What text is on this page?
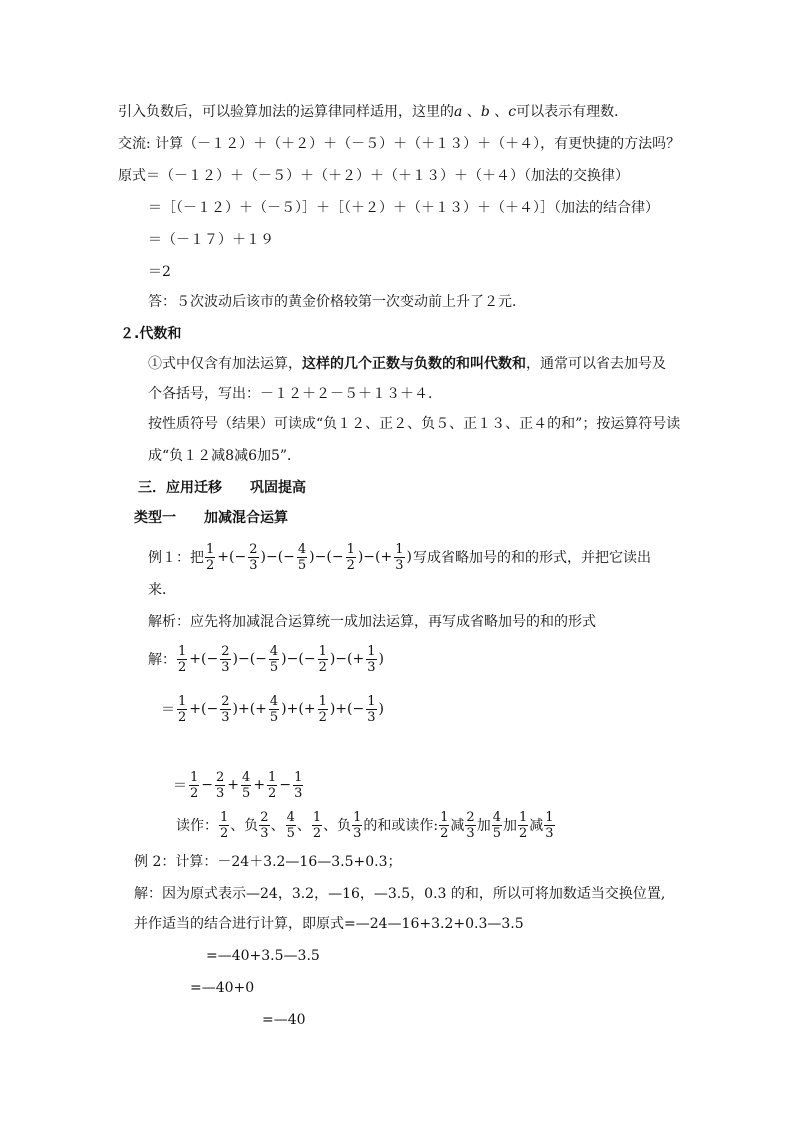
引入负数后，可以验算加法的运算律同样适用，这里的a 、b 、c可以表示有理数．
交流: 计算（－１２）＋（＋２）＋（－５）＋（＋１３）＋（＋４），有更快捷的方法吗？
原式＝（－１２）＋（－５）＋（＋２）＋（＋１３）＋（＋４）（加法的交换律）
＝［（－１２）＋（－５）］＋［（＋２）＋（＋１３）＋（＋４）］（加法的结合律）
＝（－１７）＋１９
＝2
答：５次波动后该市的黄金价格较第一次变动前上升了２元．
２.代数和
①式中仅含有加法运算，这样的几个正数与负数的和叫代数和，通常可以省去加号及
个各括号，写出：－１２＋２－５＋１３＋４．
按性质符号（结果）可读成“负１２、正２、负５、正１３、正４的和”；按运算符号读
成“负１２减8减6加5”．
三．应用迁移　　巩固提高
类型一　　加减混合运算
例１：把 $\frac{1}{2}$ +(− $\frac{2}{3}$ )−(− $\frac{4}{5}$ )−(− $\frac{1}{2}$ )−(+ $\frac{1}{3}$ ) 写成省略加号的和的形式，并把它读出
来．
解析：应先将加减混合运算统一成加法运算，再写成省略加号的和的形式
解： $\frac{1}{2}$ +(− $\frac{2}{3}$ )−(− $\frac{4}{5}$ )−(− $\frac{1}{2}$ )−(+ $\frac{1}{3}$ )
＝ $\frac{1}{2}$ +(− $\frac{2}{3}$ )+(+ $\frac{4}{5}$ )+(+ $\frac{1}{2}$ )+(− $\frac{1}{3}$ )
＝ $\frac{1}{2} - \frac{2}{3} + \frac{4}{5} + \frac{1}{2} - \frac{1}{3}$
读作： $\frac{1}{2}$ 、 负 $\frac{2}{3}$ 、 $\frac{4}{5}$ 、 $\frac{1}{2}$ 、 负 $\frac{1}{3}$ 的和或读作: $\frac{1}{2}$ 减 $\frac{2}{3}$ 加 $\frac{4}{5}$ 加 $\frac{1}{2}$ 减 $\frac{1}{3}$
例 2：计算：－24＋3.2—16—3.5+0.3；
解：因为原式表示—24，3.2，—16，—3.5，0.3 的和，所以可将加数适当交换位置,
并作适当的结合进行计算，即原式=—24—16+3.2+0.3—3.5
=—40+3.5—3.5
=—40+0
=—40
